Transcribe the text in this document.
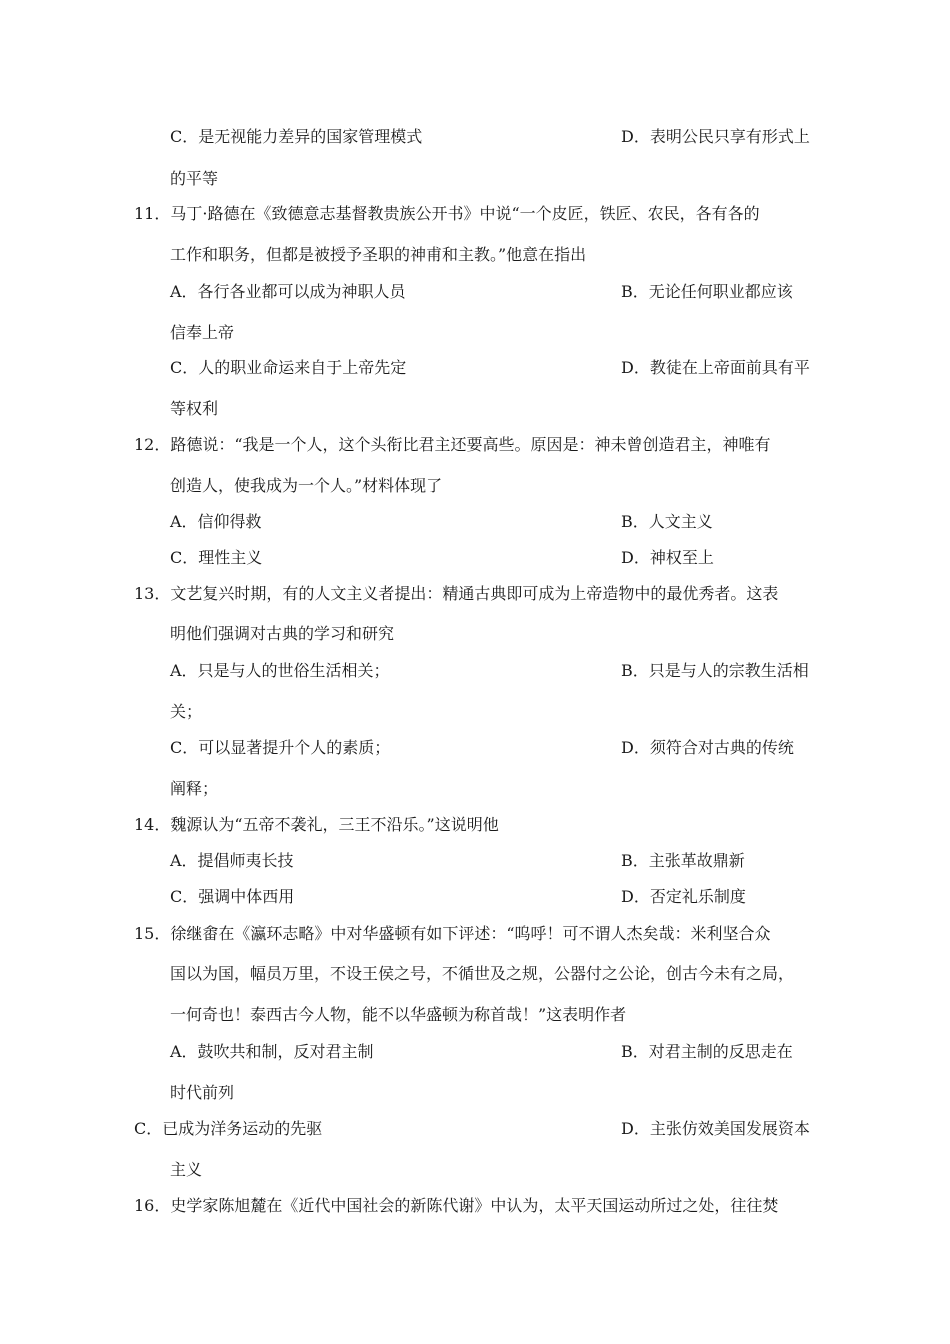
C．是无视能力差异的国家管理模式	D．表明公民只享有形式上
的平等
11．马丁·路德在《致德意志基督教贵族公开书》中说“一个皮匠，铁匠、农民，各有各的
工作和职务，但都是被授予圣职的神甫和主教。”他意在指出
A．各行各业都可以成为神职人员	B．无论任何职业都应该
信奉上帝
C．人的职业命运来自于上帝先定	D．教徒在上帝面前具有平
等权利
12．路德说：“我是一个人，这个头衔比君主还要高些。原因是：神未曾创造君主，神唯有
创造人，使我成为一个人。”材料体现了
A．信仰得救	B．人文主义
C．理性主义	D．神权至上
13．文艺复兴时期，有的人文主义者提出：精通古典即可成为上帝造物中的最优秀者。这表
明他们强调对古典的学习和研究
A．只是与人的世俗生活相关；	B．只是与人的宗教生活相
关；
C．可以显著提升个人的素质；	D．须符合对古典的传统
阐释；
14．魏源认为“五帝不袭礼，三王不沿乐。”这说明他
A．提倡师夷长技	B．主张革故鼎新
C．强调中体西用	D．否定礼乐制度
15．徐继畬在《瀛环志略》中对华盛顿有如下评述：“呜呼！可不谓人杰矣哉：米利坚合众
国以为国，幅员万里，不设王侯之号，不循世及之规，公器付之公论，创古今未有之局，
一何奇也！泰西古今人物，能不以华盛顿为称首哉！”这表明作者
A．鼓吹共和制，反对君主制	B．对君主制的反思走在
时代前列
C．已成为洋务运动的先驱	D．主张仿效美国发展资本
主义
16．史学家陈旭麓在《近代中国社会的新陈代谢》中认为，太平天国运动所过之处，往往焚
